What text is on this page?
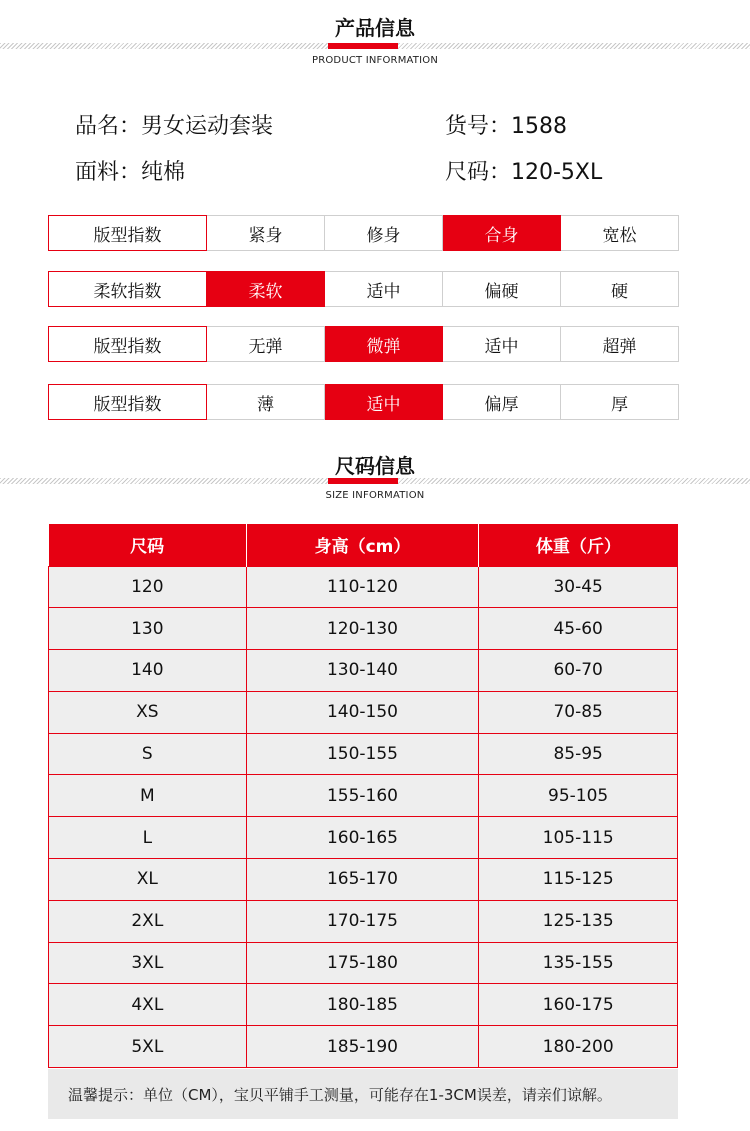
产品信息
PRODUCT INFORMATION
品名：男女运动套装	货号：1588
面料：纯棉	尺码：120-5XL
版型指数	紧身	修身	合身	宽松
柔软指数	柔软	适中	偏硬	硬
版型指数	无弹	微弹	适中	超弹
版型指数	薄	适中	偏厚	厚
尺码信息
SIZE INFORMATION
尺码	身高（cm）	体重（斤）
120	110-120	30-45
130	120-130	45-60
140	130-140	60-70
XS	140-150	70-85
S	150-155	85-95
M	155-160	95-105
L	160-165	105-115
XL	165-170	115-125
2XL	170-175	125-135
3XL	175-180	135-155
4XL	180-185	160-175
5XL	185-190	180-200
温馨提示：单位（CM），宝贝平铺手工测量，可能存在1-3CM误差，请亲们谅解。
